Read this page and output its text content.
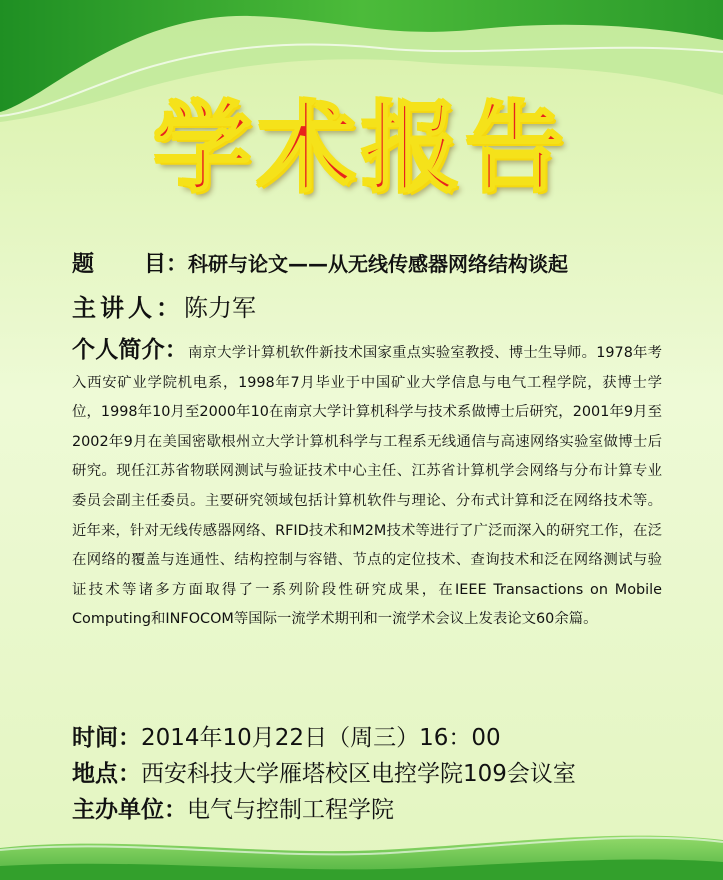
学术报告
题 目：科研与论文——从无线传感器网络结构谈起
主讲人：陈力军
个人简介：南京大学计算机软件新技术国家重点实验室教授、博士生导师。1978年考入西安矿业学院机电系，1998年7月毕业于中国矿业大学信息与电气工程学院，获博士学位，1998年10月至2000年10在南京大学计算机科学与技术系做博士后研究，2001年9月至2002年9月在美国密歇根州立大学计算机科学与工程系无线通信与高速网络实验室做博士后研究。现任江苏省物联网测试与验证技术中心主任、江苏省计算机学会网络与分布计算专业委员会副主任委员。主要研究领域包括计算机软件与理论、分布式计算和泛在网络技术等。近年来，针对无线传感器网络、RFID技术和M2M技术等进行了广泛而深入的研究工作，在泛在网络的覆盖与连通性、结构控制与容错、节点的定位技术、查询技术和泛在网络测试与验证技术等诸多方面取得了一系列阶段性研究成果，在IEEE Transactions on Mobile Computing和INFOCOM等国际一流学术期刊和一流学术会议上发表论文60余篇。
时间：2014年10月22日（周三）16：00
地点：西安科技大学雁塔校区电控学院109会议室
主办单位：电气与控制工程学院
